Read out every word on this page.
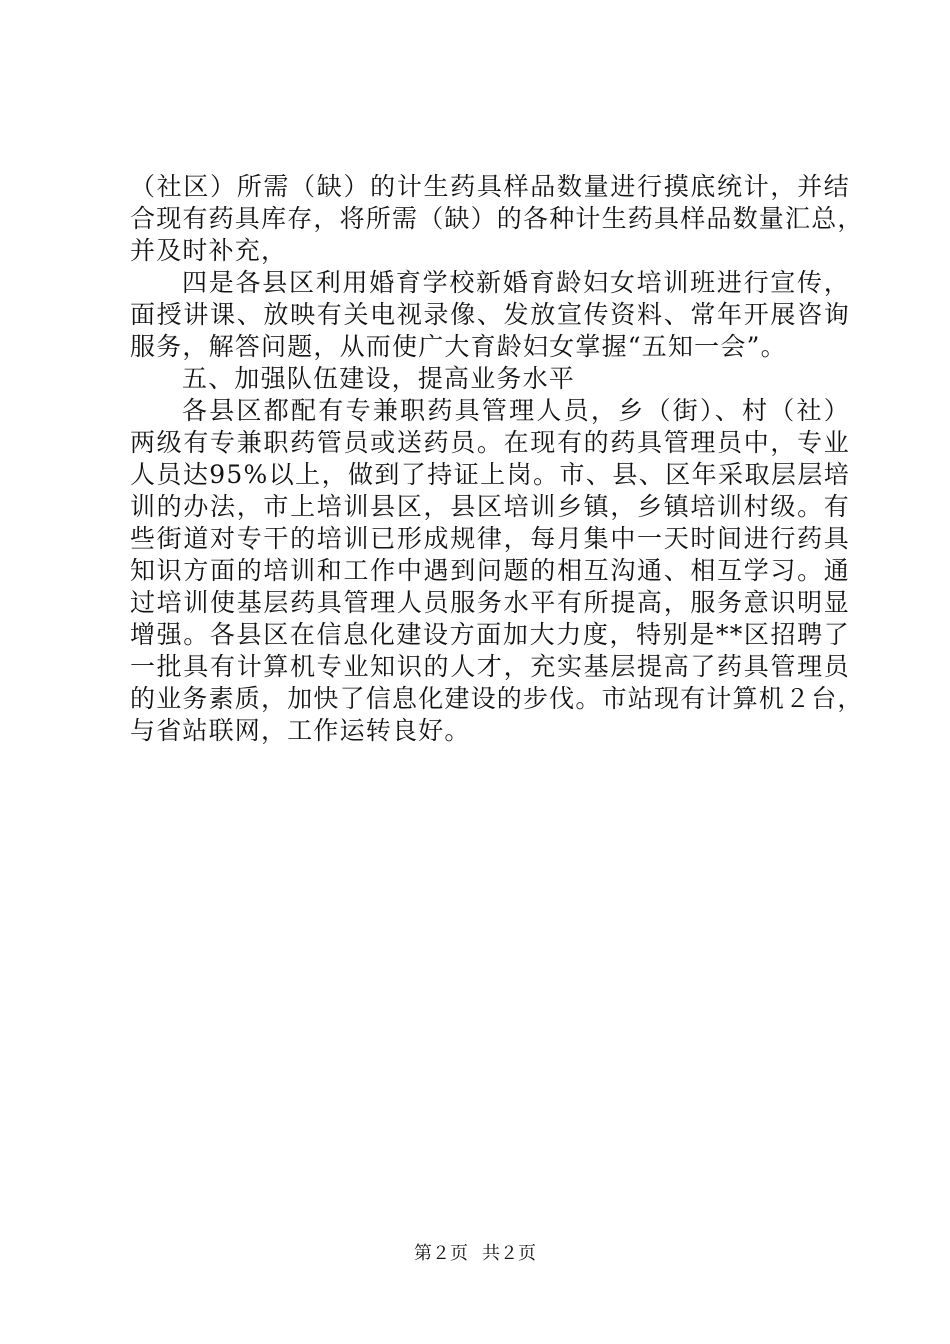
（社区）所需（缺）的计生药具样品数量进行摸底统计，并结
合现有药具库存，将所需（缺）的各种计生药具样品数量汇总，
并及时补充，
四是各县区利用婚育学校新婚育龄妇女培训班进行宣传，
面授讲课、放映有关电视录像、发放宣传资料、常年开展咨询
服务，解答问题，从而使广大育龄妇女掌握“五知一会”。
五、加强队伍建设，提高业务水平
各县区都配有专兼职药具管理人员，乡（街）、村（社）
两级有专兼职药管员或送药员。在现有的药具管理员中，专业
人员达95%以上，做到了持证上岗。市、县、区年采取层层培
训的办法，市上培训县区，县区培训乡镇，乡镇培训村级。有
些街道对专干的培训已形成规律，每月集中一天时间进行药具
知识方面的培训和工作中遇到问题的相互沟通、相互学习。通
过培训使基层药具管理人员服务水平有所提高，服务意识明显
增强。各县区在信息化建设方面加大力度，特别是**区招聘了
一批具有计算机专业知识的人才，充实基层提高了药具管理员
的业务素质，加快了信息化建设的步伐。市站现有计算机２台，
与省站联网，工作运转良好。
第２页 共２页
